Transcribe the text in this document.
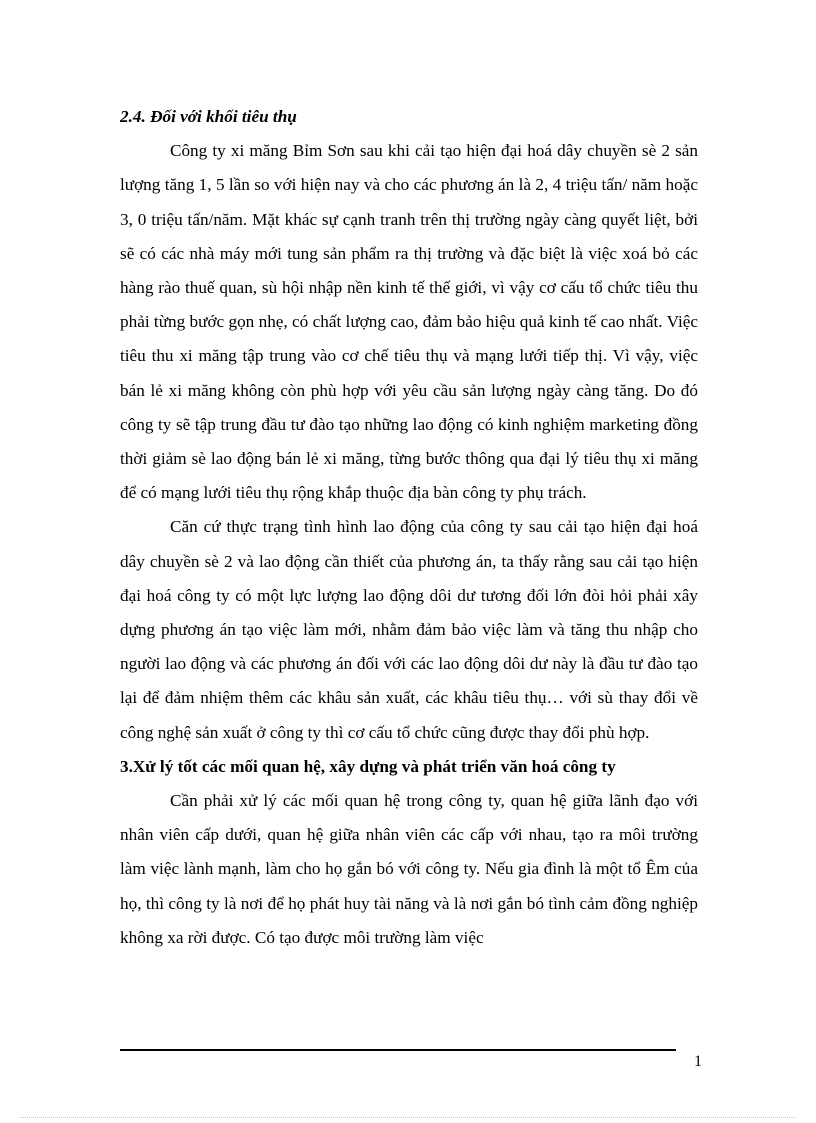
2.4. Đối với khối tiêu thụ

Công ty xi măng Bỉm Sơn sau khi cải tạo hiện đại hoá dây chuyền sè 2 sản lượng tăng 1, 5 lần so với hiện nay và cho các phương án là 2, 4 triệu tấn/ năm hoặc 3, 0 triệu tấn/năm. Mặt khác sự cạnh tranh trên thị trường ngày càng quyết liệt, bởi sẽ có các nhà máy mới tung sản phẩm ra thị trường và đặc biệt là việc xoá bỏ các hàng rào thuế quan, sù hội nhập nền kinh tế thế giới, vì vậy cơ cấu tổ chức tiêu thu phải từng bước gọn nhẹ, có chất lượng cao, đảm bảo hiệu quả kinh tế cao nhất. Việc tiêu thu xi măng tập trung vào cơ chế tiêu thụ và mạng lưới tiếp thị. Vì vậy, việc bán lẻ xi măng không còn phù hợp với yêu cầu sản lượng ngày càng tăng. Do đó công ty sẽ tập trung đầu tư đào tạo những lao động có kinh nghiệm marketing đồng thời giảm sè lao động bán lẻ xi măng, từng bước thông qua đại lý tiêu thụ xi măng để có mạng lưới tiêu thụ rộng khắp thuộc địa bàn công ty phụ trách.

Căn cứ thực trạng tình hình lao động của công ty sau cải tạo hiện đại hoá dây chuyền sè 2 và lao động cần thiết của phương án, ta thấy rằng sau cải tạo hiện đại hoá công ty có một lực lượng lao động dôi dư tương đối lớn đòi hỏi phải xây dựng phương án tạo việc làm mới, nhằm đảm bảo việc làm và tăng thu nhập cho người lao động và các phương án đối với các lao động dôi dư này là đầu tư đào tạo lại để đảm nhiệm thêm các khâu sản xuất, các khâu tiêu thụ… với sù thay đổi về công nghệ sản xuất ở công ty thì cơ cấu tổ chức cũng được thay đổi phù hợp.

3.Xử lý tốt các mối quan hệ, xây dựng và phát triển văn hoá công ty

Cần phải xử lý các mối quan hệ trong công ty, quan hệ giữa lãnh đạo với nhân viên cấp dưới, quan hệ giữa nhân viên các cấp với nhau, tạo ra môi trường làm việc lành mạnh, làm cho họ gắn bó với công ty. Nếu gia đình là một tổ Êm của họ, thì công ty là nơi để họ phát huy tài năng và là nơi gắn bó tình cảm đồng nghiệp không xa rời được. Có tạo được môi trường làm việc

1
